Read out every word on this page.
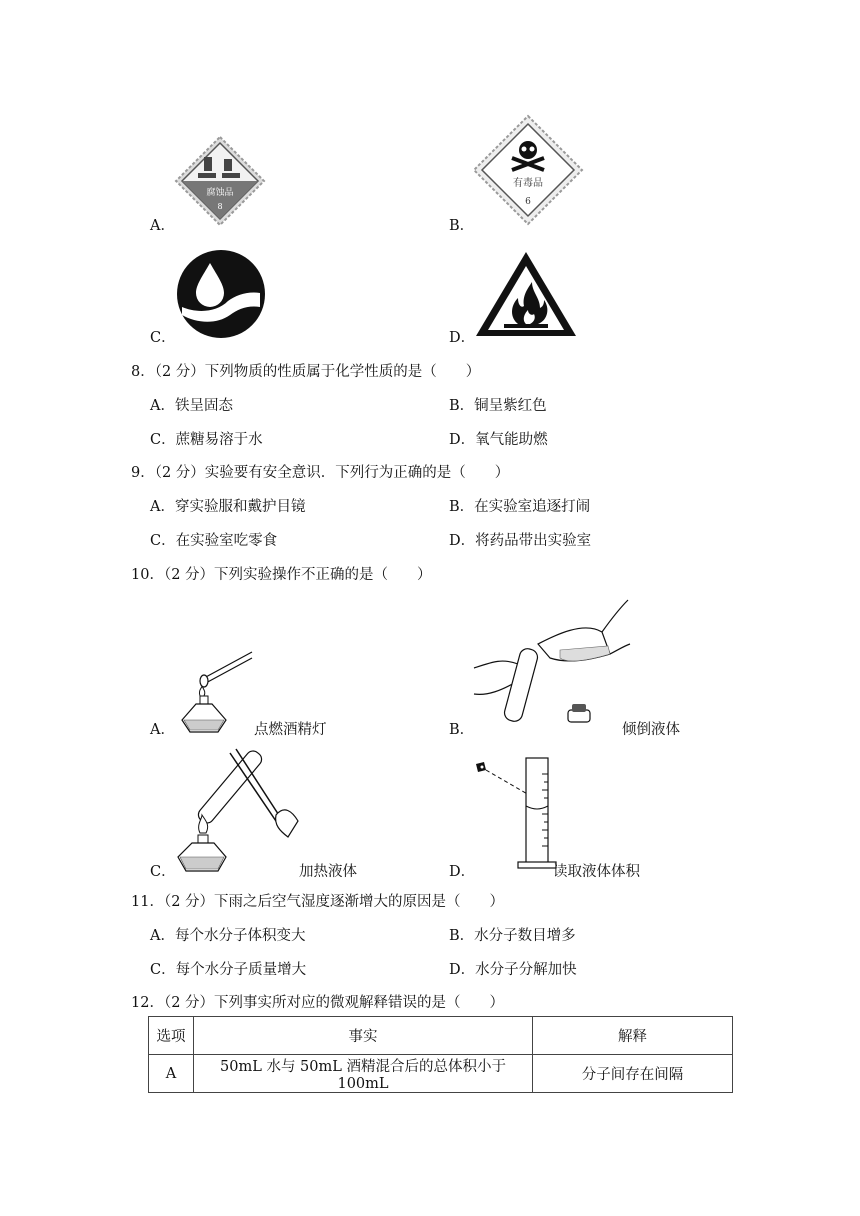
A．
腐蚀品
8
B．
有毒品
6
C．	D．
8．（2 分）下列物质的性质属于化学性质的是（　　）
A．铁呈固态	B．铜呈紫红色
C．蔗糖易溶于水	D．氧气能助燃
9．（2 分）实验要有安全意识．下列行为正确的是（　　）
A．穿实验服和戴护目镜	B．在实验室追逐打闹
C．在实验室吃零食	D．将药品带出实验室
10．（2 分）下列实验操作不正确的是（　　）
A．	点燃酒精灯	B．	倾倒液体
C．	加热液体	D．	读取液体体积
11．（2 分）下雨之后空气湿度逐渐增大的原因是（　　）
A．每个水分子体积变大	B．水分子数目增多
C．每个水分子质量增大	D．水分子分解加快
12．（2 分）下列事实所对应的微观解释错误的是（　　）
选项	事实	解释
A	50mL 水与 50mL 酒精混合后的总体积小于 100mL	分子间存在间隔
